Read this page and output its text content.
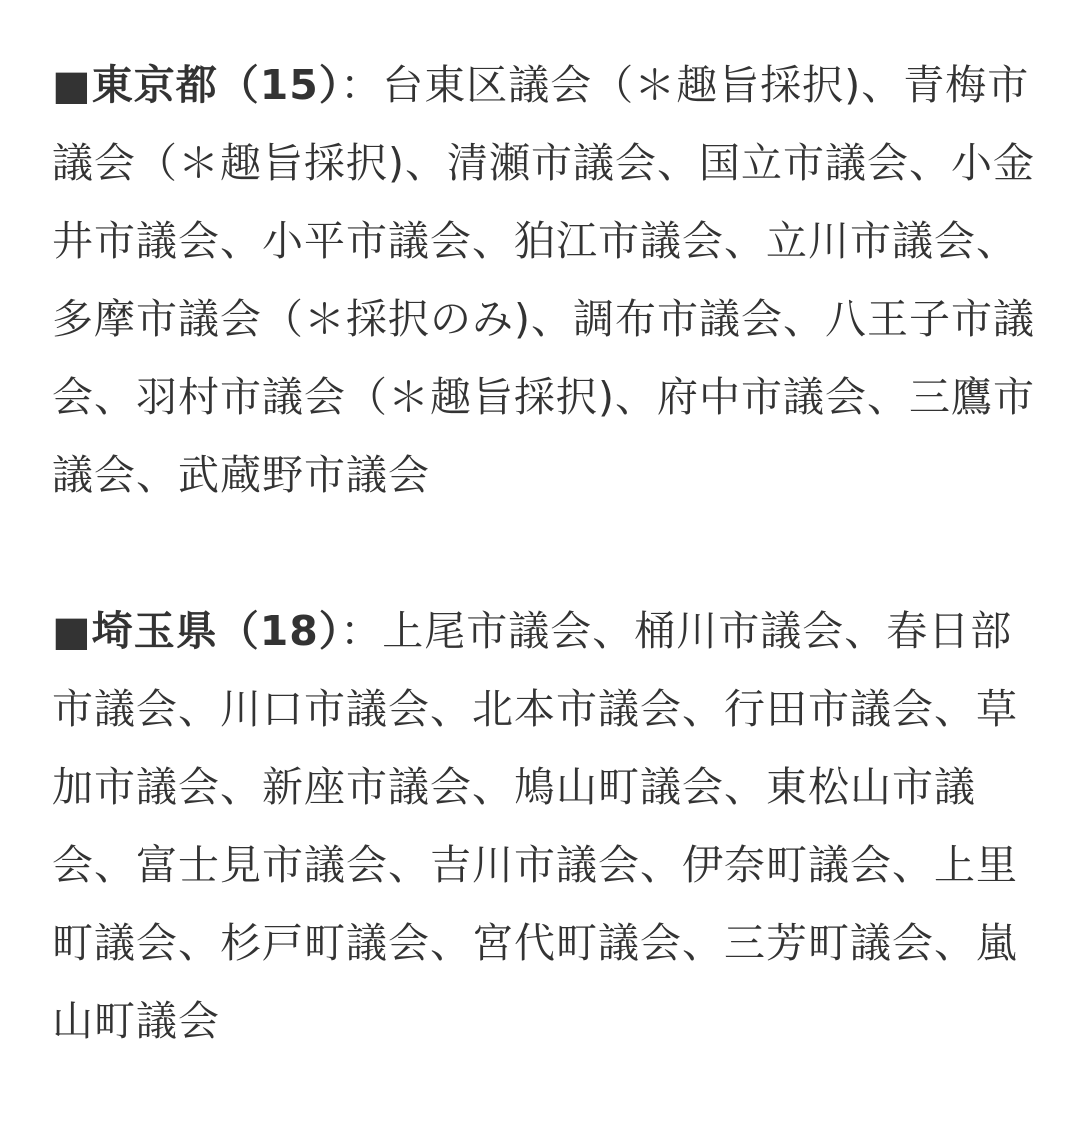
■東京都（15）：台東区議会（＊趣旨採択)、青梅市議会（＊趣旨採択)、清瀬市議会、国立市議会、小金井市議会、小平市議会、狛江市議会、立川市議会、多摩市議会（＊採択のみ)、調布市議会、八王子市議会、羽村市議会（＊趣旨採択)、府中市議会、三鷹市議会、武蔵野市議会

■埼玉県（18）：上尾市議会、桶川市議会、春日部市議会、川口市議会、北本市議会、行田市議会、草加市議会、新座市議会、鳩山町議会、東松山市議会、富士見市議会、吉川市議会、伊奈町議会、上里町議会、杉戸町議会、宮代町議会、三芳町議会、嵐山町議会
